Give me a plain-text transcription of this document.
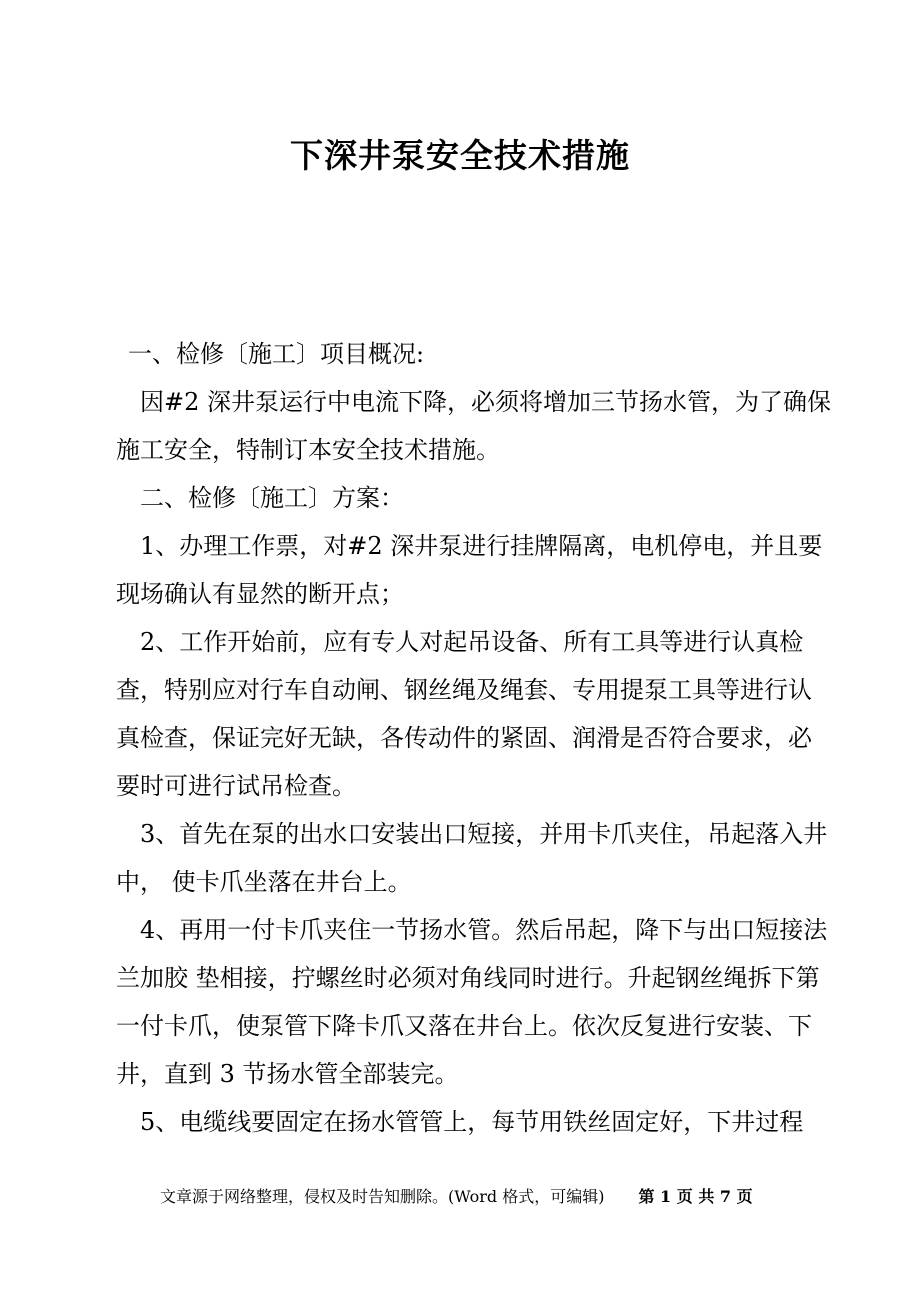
下深井泵安全技术措施

一、检修〔施工〕项目概况:

因#2 深井泵运行中电流下降，必须将增加三节扬水管，为了确保施工安全，特制订本安全技术措施。

二、检修〔施工〕方案：

1、办理工作票，对#2 深井泵进行挂牌隔离，电机停电，并且要现场确认有显然的断开点；

2、工作开始前，应有专人对起吊设备、所有工具等进行认真检查，特别应对行车自动闸、钢丝绳及绳套、专用提泵工具等进行认真检查，保证完好无缺，各传动件的紧固、润滑是否符合要求，必要时可进行试吊检查。

3、首先在泵的出水口安装出口短接，并用卡爪夹住，吊起落入井中， 使卡爪坐落在井台上。

4、再用一付卡爪夹住一节扬水管。然后吊起，降下与出口短接法兰加胶 垫相接，拧螺丝时必须对角线同时进行。升起钢丝绳拆下第一付卡爪，使泵管下降卡爪又落在井台上。依次反复进行安装、下井，直到 3 节扬水管全部装完。

5、电缆线要固定在扬水管管上，每节用铁丝固定好，下井过程

文章源于网络整理，侵权及时告知删除。(Word 格式，可编辑) 第 1 页 共 7 页
